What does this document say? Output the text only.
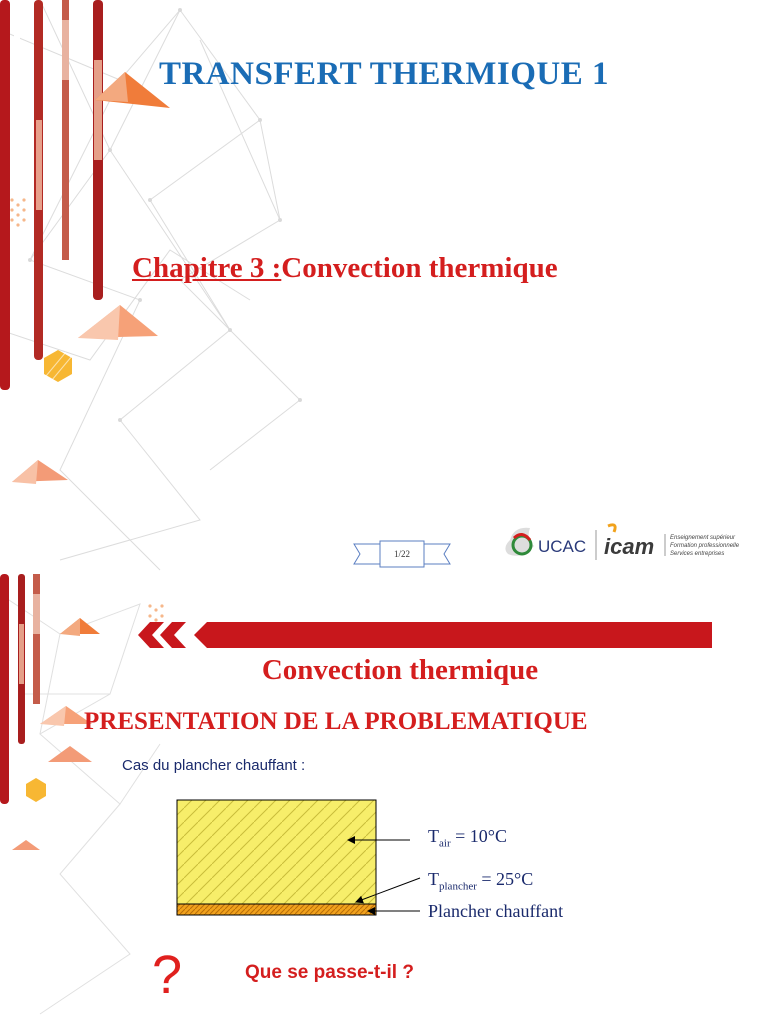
TRANSFERT THERMIQUE 1
Chapitre 3 :Convection thermique
1/22	UCAC icam	Enseignement supérieur
Formation professionnelle
Services entreprises
Convection thermique
PRESENTATION DE LA PROBLEMATIQUE
Cas du plancher chauffant :
$T_{air} = 10^\circ C$
$T_{plancher} = 25^\circ C$
Plancher chauffant
?	Que se passe-t-il ?
